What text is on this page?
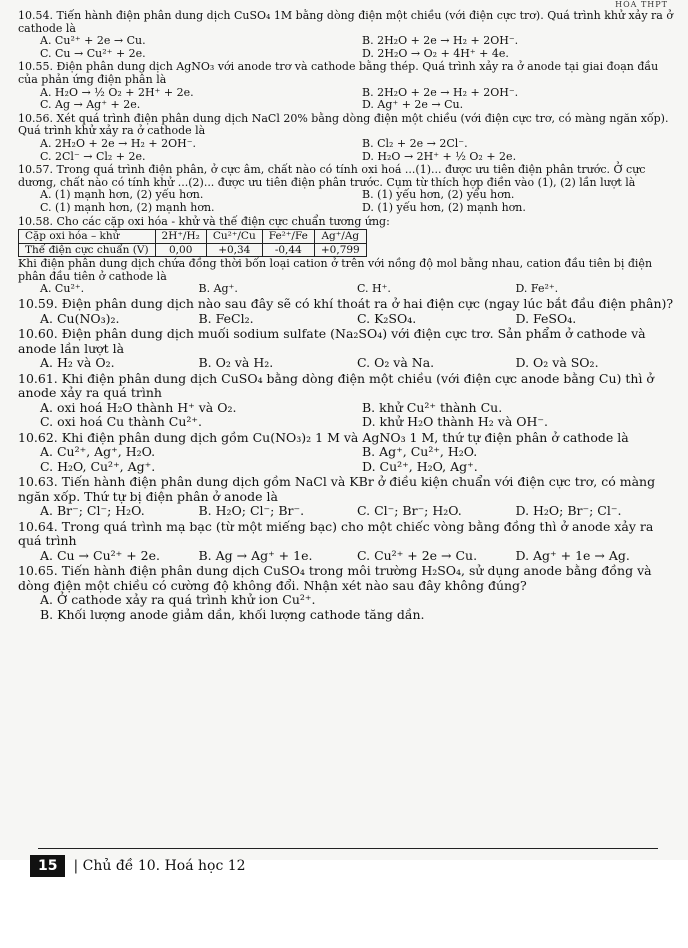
HÓA THPT
10.54. Tiến hành điện phân dung dịch CuSO₄ 1M bằng dòng điện một chiều (với điện cực trơ). Quá trình khử xảy ra ở cathode là
A. Cu²⁺ + 2e → Cu.	B. 2H₂O + 2e → H₂ + 2OH⁻.
C. Cu → Cu²⁺ + 2e.	D. 2H₂O → O₂ + 4H⁺ + 4e.
10.55. Điện phân dung dịch AgNO₃ với anode trơ và cathode bằng thép. Quá trình xảy ra ở anode tại giai đoạn đầu của phản ứng điện phân là
A. H₂O → ½ O₂ + 2H⁺ + 2e.	B. 2H₂O + 2e → H₂ + 2OH⁻.
C. Ag → Ag⁺ + 2e.	D. Ag⁺ + 2e → Cu.
10.56. Xét quá trình điện phân dung dịch NaCl 20% bằng dòng điện một chiều (với điện cực trơ, có màng ngăn xốp). Quá trình khử xảy ra ở cathode là
A. 2H₂O + 2e → H₂ + 2OH⁻.	B. Cl₂ + 2e → 2Cl⁻.
C. 2Cl⁻ → Cl₂ + 2e.	D. H₂O → 2H⁺ + ½ O₂ + 2e.
10.57. Trong quá trình điện phân, ở cực âm, chất nào có tính oxi hoá ...(1)... được ưu tiên điện phân trước. Ở cực dương, chất nào có tính khử ...(2)... được ưu tiên điện phân trước. Cụm từ thích hợp điền vào (1), (2) lần lượt là
A. (1) mạnh hơn, (2) yếu hơn.	B. (1) yếu hơn, (2) yếu hơn.
C. (1) mạnh hơn, (2) mạnh hơn.	D. (1) yếu hơn, (2) mạnh hơn.
10.58. Cho các cặp oxi hóa - khử và thế điện cực chuẩn tương ứng:
Cặp oxi hóa – khử	2H⁺/H₂	Cu²⁺/Cu	Fe²⁺/Fe	Ag⁺/Ag
Thế điện cực chuẩn (V)	0,00	+0,34	-0,44	+0,799
Khi điện phân dung dịch chứa đồng thời bốn loại cation ở trên với nồng độ mol bằng nhau, cation đầu tiên bị điện phân đầu tiên ở cathode là
A. Cu²⁺.	B. Ag⁺.	C. H⁺.	D. Fe²⁺.
10.59. Điện phân dung dịch nào sau đây sẽ có khí thoát ra ở hai điện cực (ngay lúc bắt đầu điện phân)?
A. Cu(NO₃)₂.	B. FeCl₂.	C. K₂SO₄.	D. FeSO₄.
10.60. Điện phân dung dịch muối sodium sulfate (Na₂SO₄) với điện cực trơ. Sản phẩm ở cathode và anode lần lượt là
A. H₂ và O₂.	B. O₂ và H₂.	C. O₂ và Na.	D. O₂ và SO₂.
10.61. Khi điện phân dung dịch CuSO₄ bằng dòng điện một chiều (với điện cực anode bằng Cu) thì ở anode xảy ra quá trình
A. oxi hoá H₂O thành H⁺ và O₂.	B. khử Cu²⁺ thành Cu.
C. oxi hoá Cu thành Cu²⁺.	D. khử H₂O thành H₂ và OH⁻.
10.62. Khi điện phân dung dịch gồm Cu(NO₃)₂ 1 M và AgNO₃ 1 M, thứ tự điện phân ở cathode là
A. Cu²⁺, Ag⁺, H₂O.	B. Ag⁺, Cu²⁺, H₂O.
C. H₂O, Cu²⁺, Ag⁺.	D. Cu²⁺, H₂O, Ag⁺.
10.63. Tiến hành điện phân dung dịch gồm NaCl và KBr ở điều kiện chuẩn với điện cực trơ, có màng ngăn xốp. Thứ tự bị điện phân ở anode là
A. Br⁻; Cl⁻; H₂O.	B. H₂O; Cl⁻; Br⁻.	C. Cl⁻; Br⁻; H₂O.	D. H₂O; Br⁻; Cl⁻.
10.64. Trong quá trình mạ bạc (từ một miếng bạc) cho một chiếc vòng bằng đồng thì ở anode xảy ra quá trình
A. Cu → Cu²⁺ + 2e.	B. Ag → Ag⁺ + 1e.	C. Cu²⁺ + 2e → Cu.	D. Ag⁺ + 1e → Ag.
10.65. Tiến hành điện phân dung dịch CuSO₄ trong môi trường H₂SO₄, sử dụng anode bằng đồng và dòng điện một chiều có cường độ không đổi. Nhận xét nào sau đây không đúng?
A. Ở cathode xảy ra quá trình khử ion Cu²⁺.
B. Khối lượng anode giảm dần, khối lượng cathode tăng dần.
15	| Chủ đề 10. Hoá học 12
